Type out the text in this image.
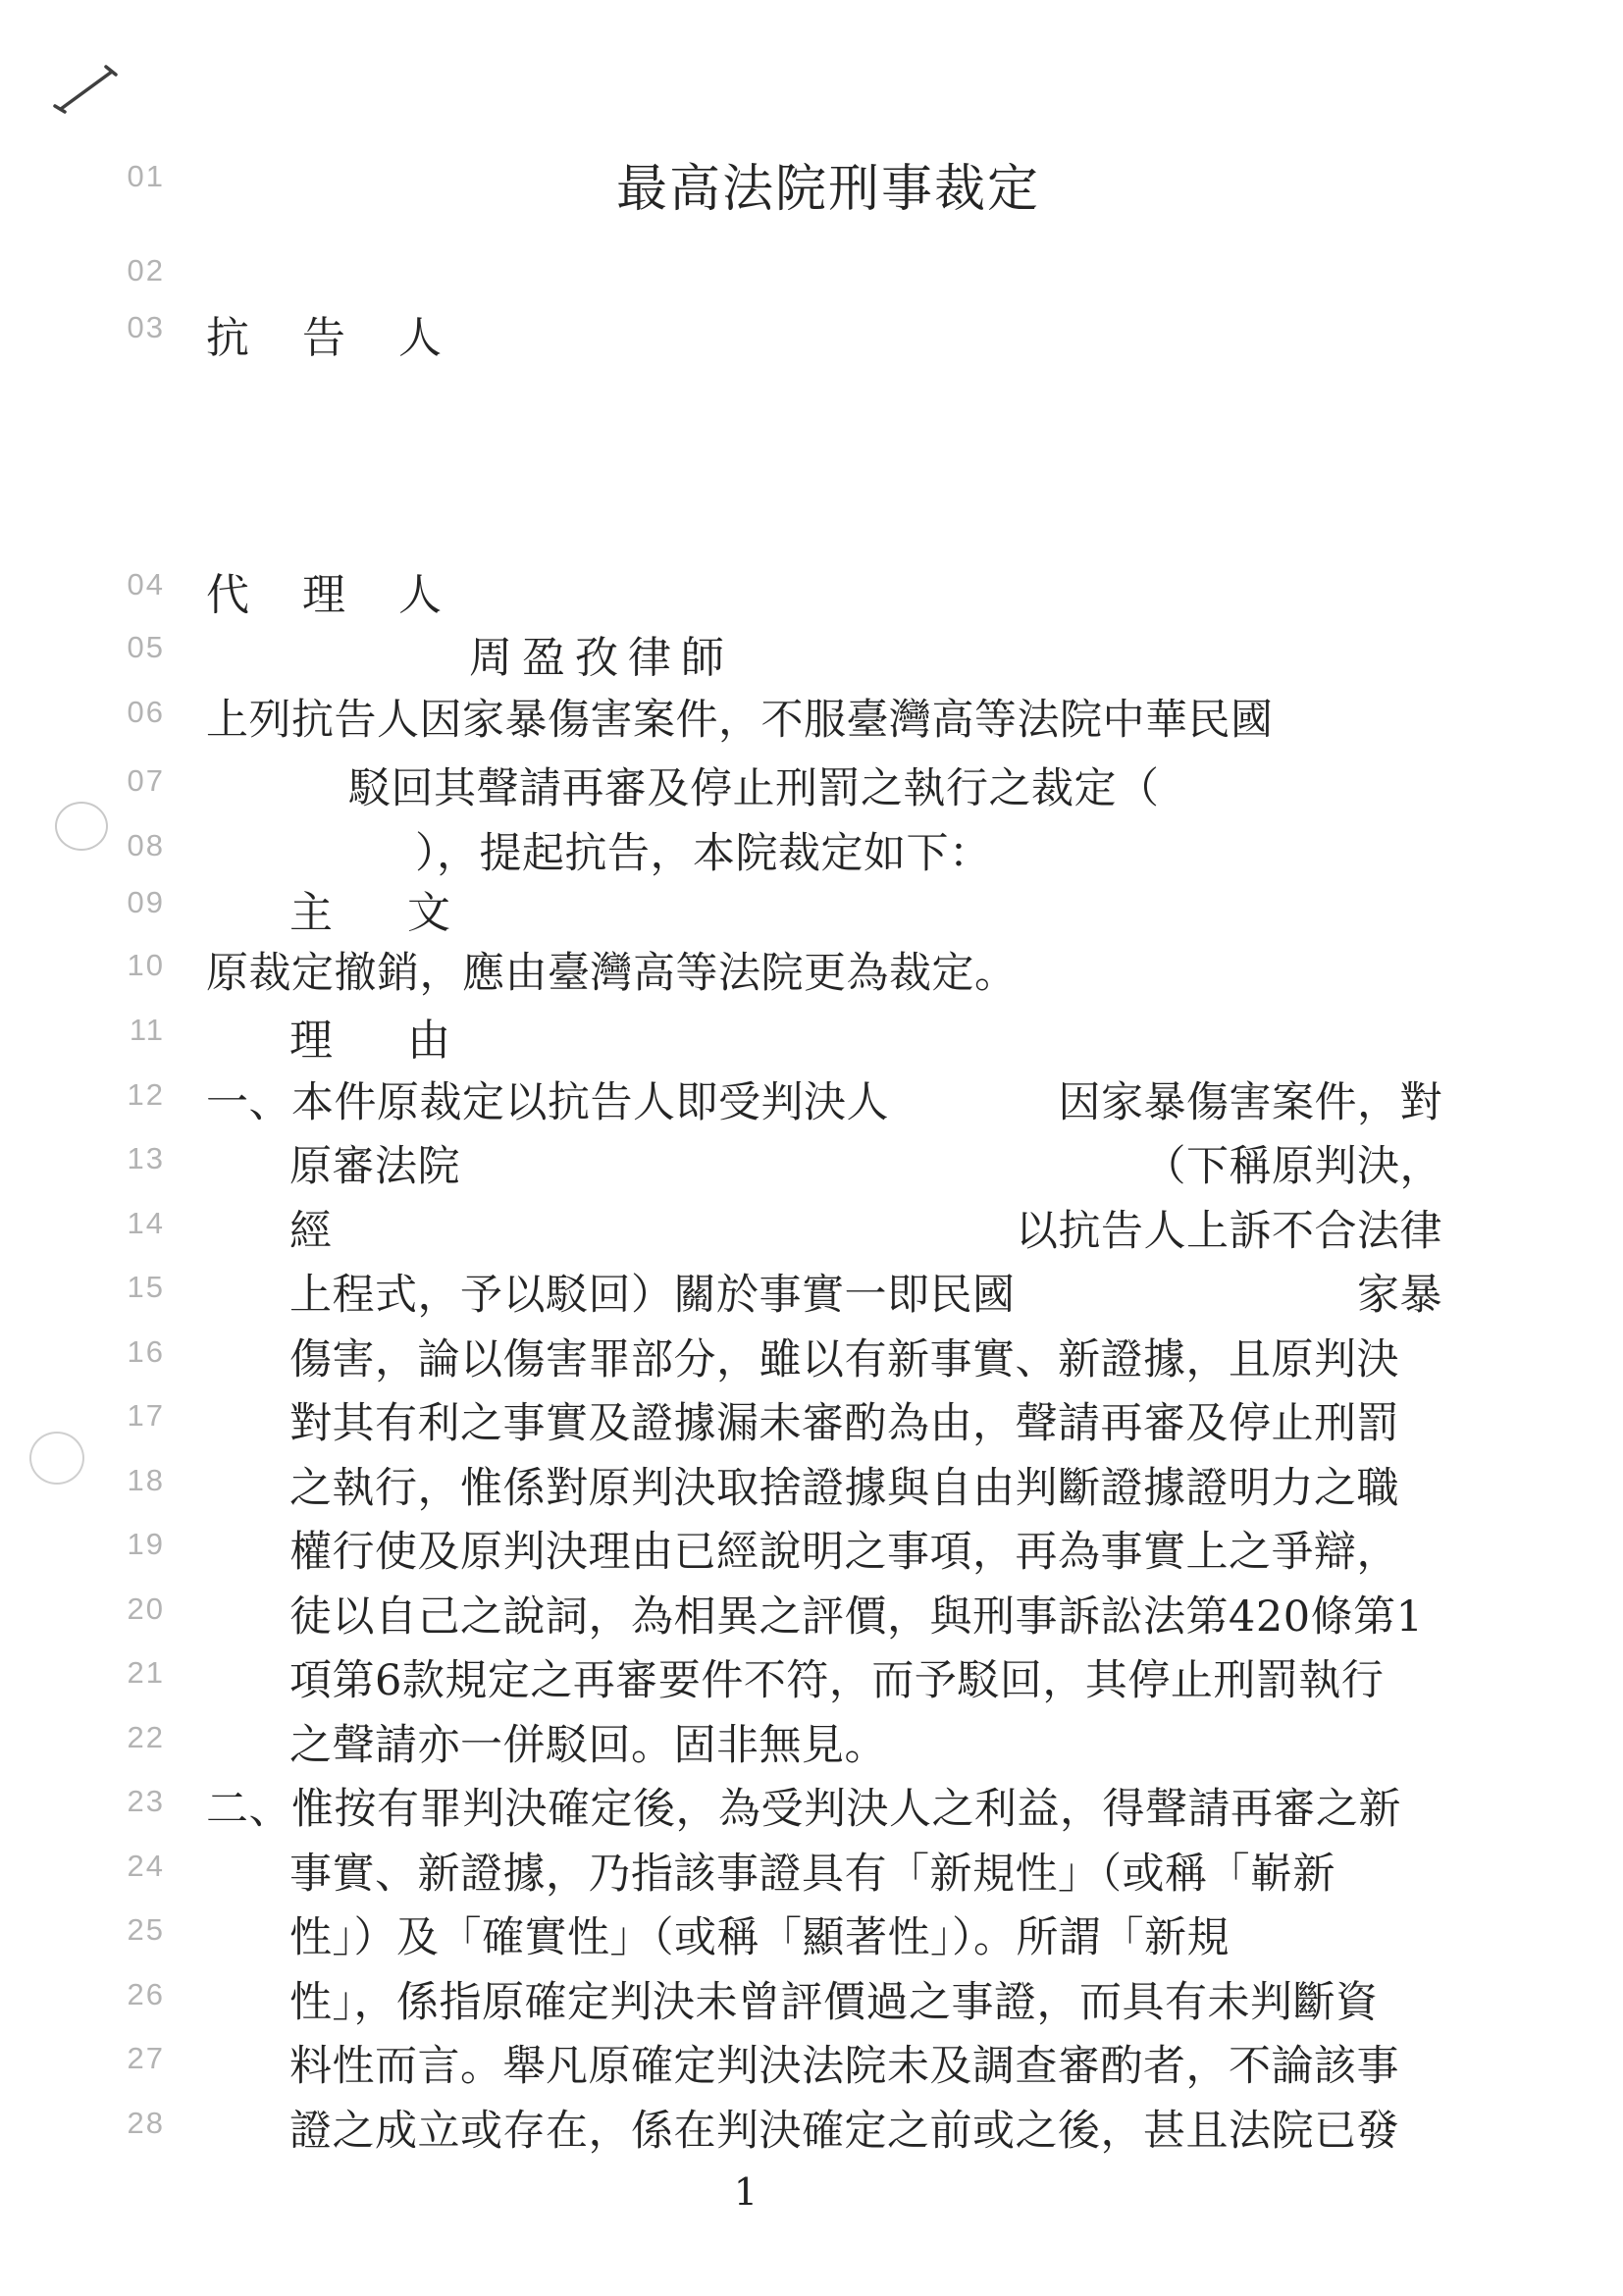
01	最高法院刑事裁定
02
03 抗　告　人
04 代　理　人
05	周盈孜律師
06 上列抗告人因家暴傷害案件，不服臺灣高等法院中華民國
07	駁回其聲請再審及停止刑罰之執行之裁定（
08	），提起抗告，本院裁定如下：
09	主　文
10 原裁定撤銷，應由臺灣高等法院更為裁定。
11	理　由
12 一、本件原裁定以抗告人即受判決人	因家暴傷害案件，對
13	原審法院	（下稱原判決，
14	經	以抗告人上訴不合法律
15	上程式，予以駁回）關於事實一即民國	家暴
16	傷害，論以傷害罪部分，雖以有新事實、新證據，且原判決
17	對其有利之事實及證據漏未審酌為由，聲請再審及停止刑罰
18	之執行，惟係對原判決取捨證據與自由判斷證據證明力之職
19	權行使及原判決理由已經說明之事項，再為事實上之爭辯，
20	徒以自己之說詞，為相異之評價，與刑事訴訟法第420條第1
21	項第6款規定之再審要件不符，而予駁回，其停止刑罰執行
22	之聲請亦一併駁回。固非無見。
23 二、惟按有罪判決確定後，為受判決人之利益，得聲請再審之新
24	事實、新證據，乃指該事證具有「新規性」（或稱「嶄新
25	性」）及「確實性」（或稱「顯著性」）。所謂「新規
26	性」，係指原確定判決未曾評價過之事證，而具有未判斷資
27	料性而言。舉凡原確定判決法院未及調查審酌者，不論該事
28	證之成立或存在，係在判決確定之前或之後，甚且法院已發
1
